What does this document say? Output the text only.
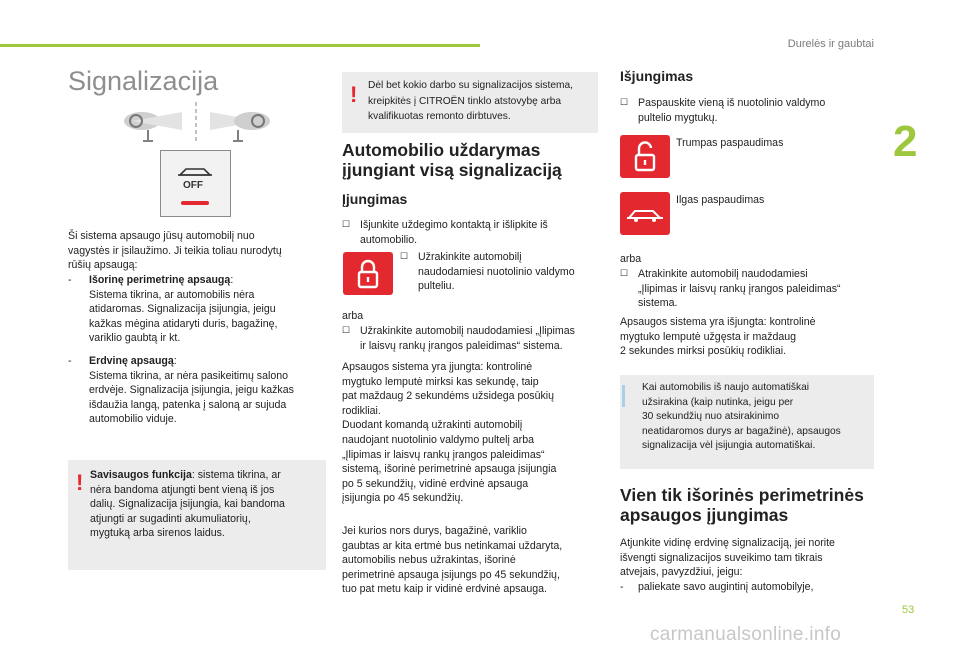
Durelės ir gaubtai
2
53
carmanualsonline.info
Signalizacija
OFF
Ši sistema apsaugo jūsų automobilį nuo
vagystės ir įsilaužimo. Ji teikia toliau nurodytų
rūšių apsaugą:
- Išorinę perimetrinę apsaugą:
Sistema tikrina, ar automobilis nėra
atidaromas. Signalizacija įsijungia, jeigu
kažkas mėgina atidaryti duris, bagažinę,
variklio gaubtą ir kt.
- Erdvinę apsaugą:
Sistema tikrina, ar nėra pasikeitimų salono
erdvėje. Signalizacija įsijungia, jeigu kažkas
išdaužia langą, patenka į saloną ar sujuda
automobilio viduje.
! Savisaugos funkcija: sistema tikrina, ar
nėra bandoma atjungti bent vieną iš jos
dalių. Signalizacija įsijungia, kai bandoma
atjungti ar sugadinti akumuliatorių,
mygtuką arba sirenos laidus.
! Dėl bet kokio darbo su signalizacijos sistema,
kreipkitės į CITROËN tinklo atstovybę arba
kvalifikuotas remonto dirbtuves.
Automobilio uždarymas
įjungiant visą signalizaciją
Įjungimas
☐ Išjunkite uždegimo kontaktą ir išlipkite iš
automobilio.
☐ Užrakinkite automobilį
naudodamiesi nuotolinio valdymo
pulteliu.
arba
☐ Užrakinkite automobilį naudodamiesi „Įlipimas
ir laisvų rankų įrangos paleidimas“ sistema.
Apsaugos sistema yra įjungta: kontrolinė
mygtuko lemputė mirksi kas sekundę, taip
pat maždaug 2 sekundėms užsidega posūkių
rodikliai.
Duodant komandą užrakinti automobilį
naudojant nuotolinio valdymo pultelį arba
„Įlipimas ir laisvų rankų įrangos paleidimas“
sistemą, išorinė perimetrinė apsauga įsijungia
po 5 sekundžių, vidinė erdvinė apsauga
įsijungia po 45 sekundžių.
Jei kurios nors durys, bagažinė, variklio
gaubtas ar kita ertmė bus netinkamai uždaryta,
automobilis nebus užrakintas, išorinė
perimetrinė apsauga įsijungs po 45 sekundžių,
tuo pat metu kaip ir vidinė erdvinė apsauga.
Išjungimas
☐ Paspauskite vieną iš nuotolinio valdymo
pultelio mygtukų.
Trumpas paspaudimas
Ilgas paspaudimas
arba
☐ Atrakinkite automobilį naudodamiesi
„Įlipimas ir laisvų rankų įrangos paleidimas“
sistema.
Apsaugos sistema yra išjungta: kontrolinė
mygtuko lemputė užgęsta ir maždaug
2 sekundes mirksi posūkių rodikliai.
Kai automobilis iš naujo automatiškai
užsirakina (kaip nutinka, jeigu per
30 sekundžių nuo atsirakinimo
neatidaromos durys ar bagažinė), apsaugos
signalizacija vėl įsijungia automatiškai.
Vien tik išorinės perimetrinės
apsaugos įjungimas
Atjunkite vidinę erdvinę signalizaciją, jei norite
išvengti signalizacijos suveikimo tam tikrais
atvejais, pavyzdžiui, jeigu:
- paliekate savo augintinį automobilyje,
